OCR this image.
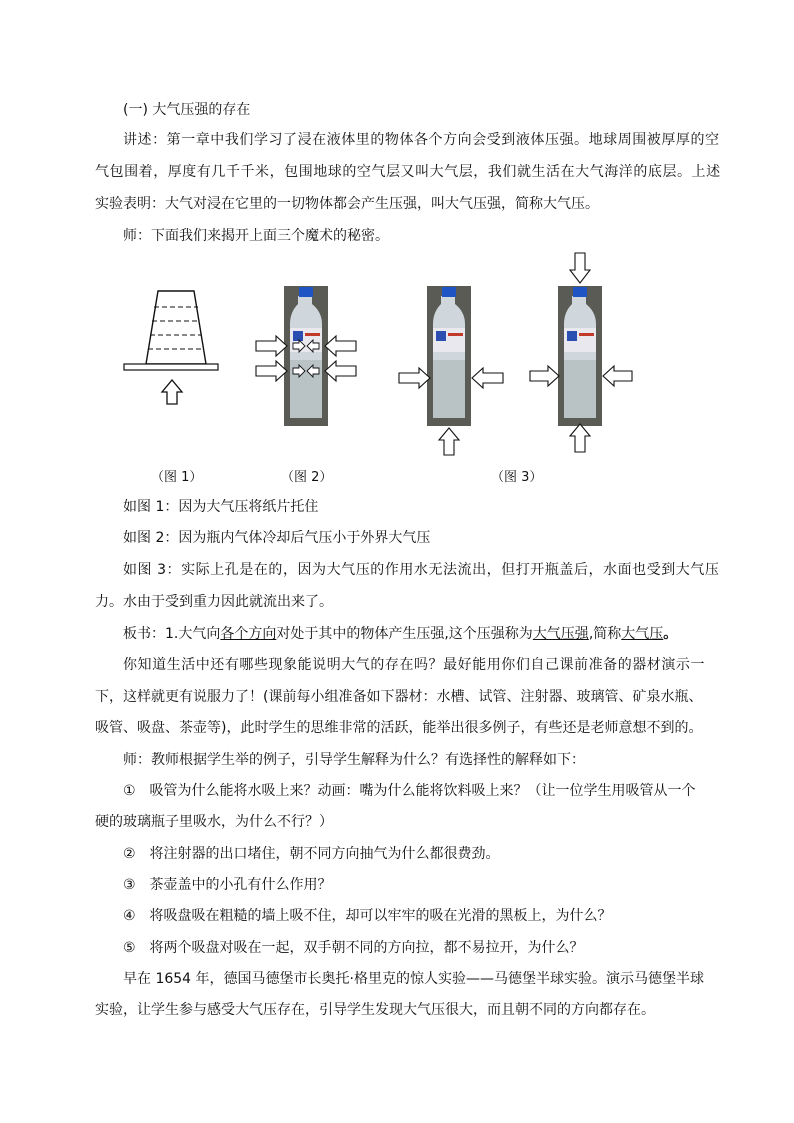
(一) 大气压强的存在
讲述：第一章中我们学习了浸在液体里的物体各个方向会受到液体压强。地球周围被厚厚的空
气包围着，厚度有几千千米，包围地球的空气层又叫大气层，我们就生活在大气海洋的底层。上述
实验表明：大气对浸在它里的一切物体都会产生压强，叫大气压强，简称大气压。
师：下面我们来揭开上面三个魔术的秘密。
（图 1）	（图 2）	（图 3）
如图 1：因为大气压将纸片托住
如图 2：因为瓶内气体冷却后气压小于外界大气压
如图 3：实际上孔是在的，因为大气压的作用水无法流出，但打开瓶盖后，水面也受到大气压
力。水由于受到重力因此就流出来了。
板书：1.大气向各个方向对处于其中的物体产生压强,这个压强称为大气压强,简称大气压。
你知道生活中还有哪些现象能说明大气的存在吗？最好能用你们自己课前准备的器材演示一
下，这样就更有说服力了！(课前每小组准备如下器材：水槽、试管、注射器、玻璃管、矿泉水瓶、
吸管、吸盘、茶壶等)，此时学生的思维非常的活跃，能举出很多例子，有些还是老师意想不到的。
师：教师根据学生举的例子，引导学生解释为什么？有选择性的解释如下：
①　吸管为什么能将水吸上来？动画：嘴为什么能将饮料吸上来？（让一位学生用吸管从一个
硬的玻璃瓶子里吸水，为什么不行？）
②　将注射器的出口堵住，朝不同方向抽气为什么都很费劲。
③　茶壶盖中的小孔有什么作用？
④　将吸盘吸在粗糙的墙上吸不住，却可以牢牢的吸在光滑的黑板上，为什么？
⑤　将两个吸盘对吸在一起，双手朝不同的方向拉，都不易拉开，为什么？
早在 1654 年，德国马德堡市长奥托·格里克的惊人实验——马德堡半球实验。演示马德堡半球
实验，让学生参与感受大气压存在，引导学生发现大气压很大，而且朝不同的方向都存在。
